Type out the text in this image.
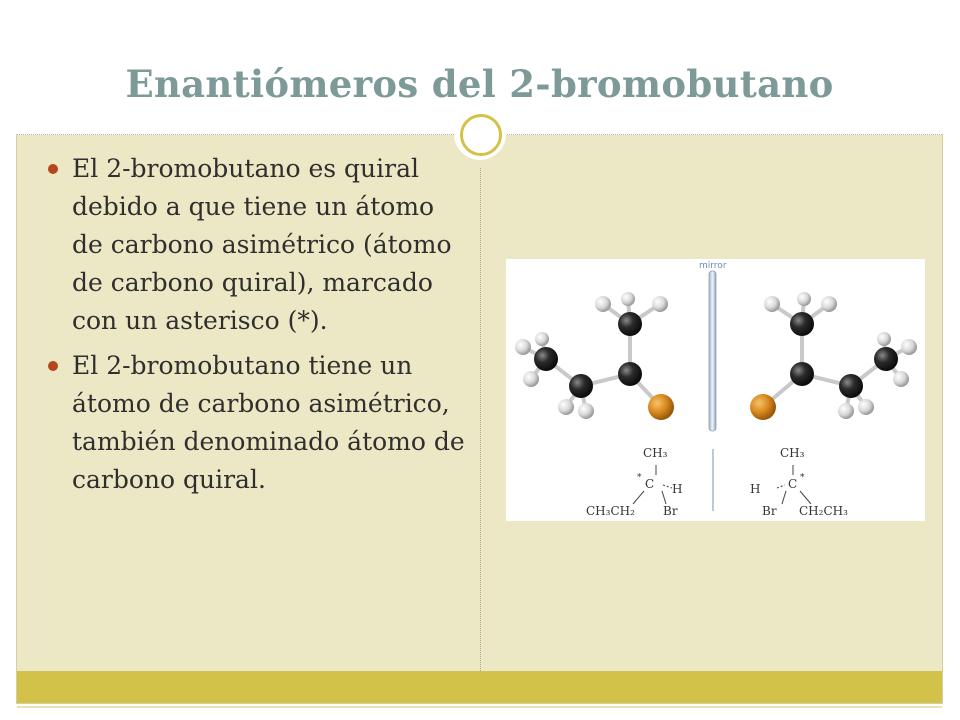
Enantiómeros del 2-bromobutano
El 2-bromobutano es quiral debido a que tiene un átomo de carbono asimétrico (átomo de carbono quiral), marcado con un asterisco (*).
El 2-bromobutano tiene un átomo de carbono asimétrico, también denominado átomo de carbono quiral.
mirror
CH₃
* C H
CH₃CH₂ Br
CH₃
H C *
Br CH₂CH₃
